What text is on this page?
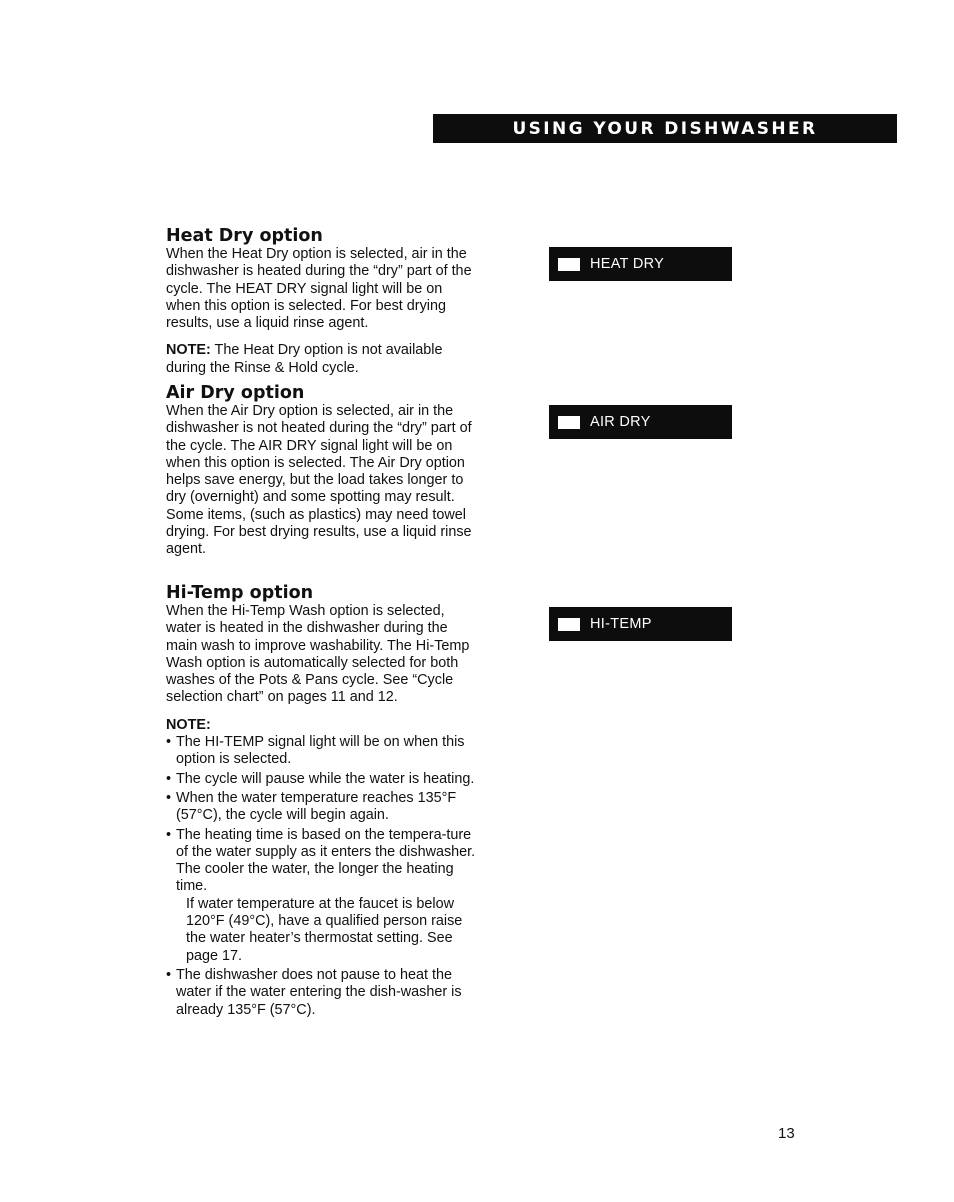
USING YOUR DISHWASHER
Heat Dry option

When the Heat Dry option is selected, air in the dishwasher is heated during the “dry” part of the cycle. The HEAT DRY signal light will be on when this option is selected. For best drying results, use a liquid rinse agent.

NOTE: The Heat Dry option is not available during the Rinse & Hold cycle.

Air Dry option

When the Air Dry option is selected, air in the dishwasher is not heated during the “dry” part of the cycle. The AIR DRY signal light will be on when this option is selected. The Air Dry option helps save energy, but the load takes longer to dry (overnight) and some spotting may result. Some items, (such as plastics) may need towel drying. For best drying results, use a liquid rinse agent.

Hi-Temp option

When the Hi-Temp Wash option is selected, water is heated in the dishwasher during the main wash to improve washability. The Hi-Temp Wash option is automatically selected for both washes of the Pots & Pans cycle. See “Cycle selection chart” on pages 11 and 12.

NOTE:

• The HI-TEMP signal light will be on when this option is selected.
• The cycle will pause while the water is heating.
• When the water temperature reaches 135°F (57°C), the cycle will begin again.
• The heating time is based on the tempera-ture of the water supply as it enters the dishwasher. The cooler the water, the longer the heating time.

If water temperature at the faucet is below 120°F (49°C), have a qualified person raise the water heater’s thermostat setting. See page 17.

• The dishwasher does not pause to heat the water if the water entering the dish-washer is already 135°F (57°C).
HEAT DRY
AIR DRY
HI-TEMP
13
